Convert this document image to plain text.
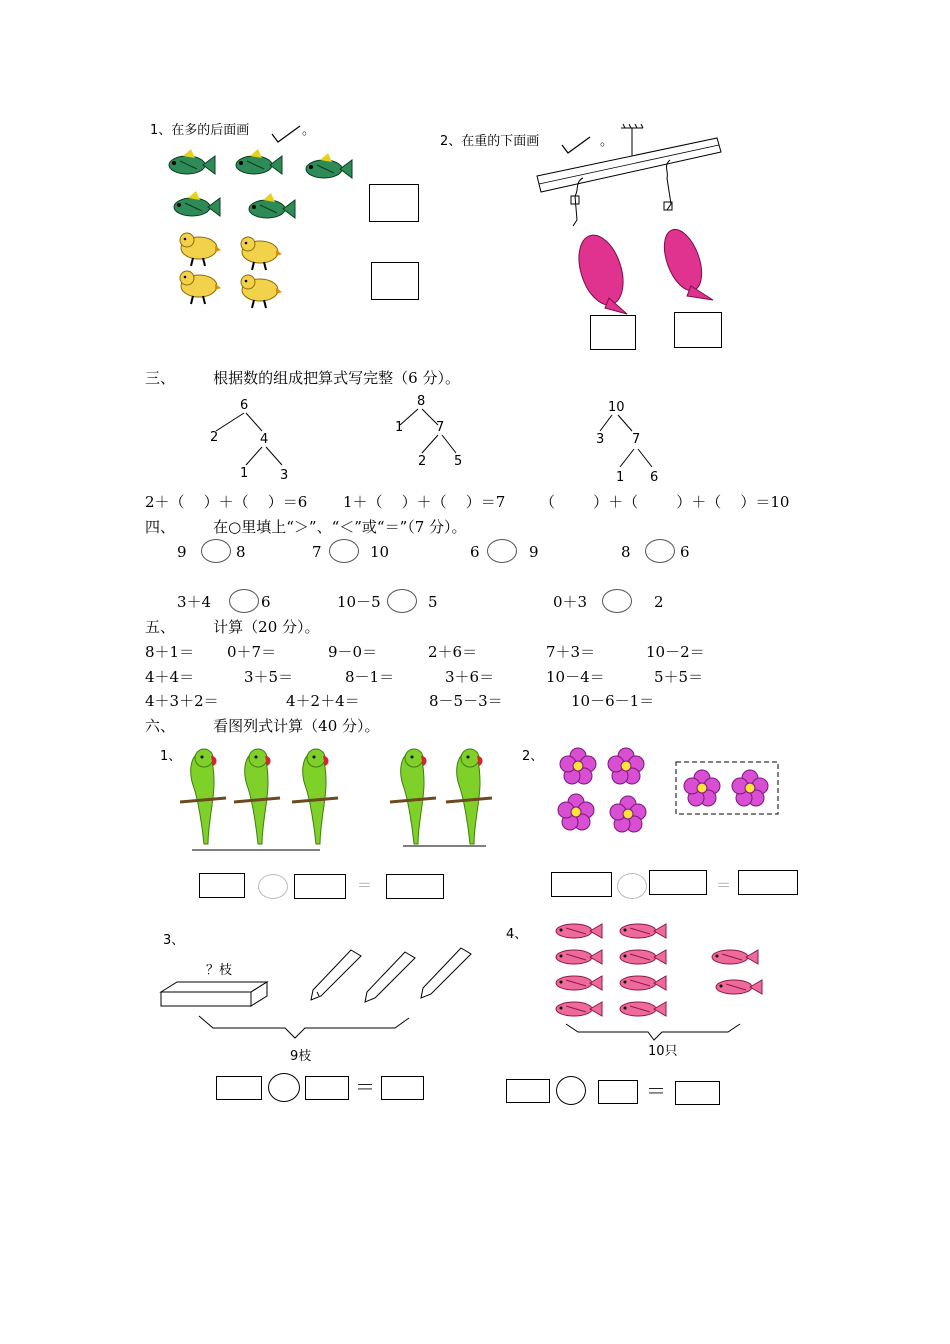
1、在多的后面画	。
2、在重的下面画	。
三、        根据数的组成把算式写完整（6 分）。
6
2	4
1 3
8
1	7
2 5
10
3 7
1 6
2＋（    ）＋（    ）＝6 1＋（    ）＋（    ）＝7 （        ）＋（        ）＋（    ）＝10
四、        在○里填上“＞”、“＜”或“＝”（7 分）。
9	8	7	10	6	9	8	6
3＋4	6	10－5	5	0＋3	2
五、        计算（20 分）。
8＋1＝ 0＋7＝	9－0＝	2＋6＝	7＋3＝	10－2＝
4＋4＝	3＋5＝	8－1＝	3＋6＝	10－4＝	5＋5＝
4＋3＋2＝	4＋2＋4＝	8－5－3＝	10－6－1＝
六、        看图列式计算（40 分）。
1、
＝
2、
＝
3、
？枝
9枝
＝
4、
10只
＝
